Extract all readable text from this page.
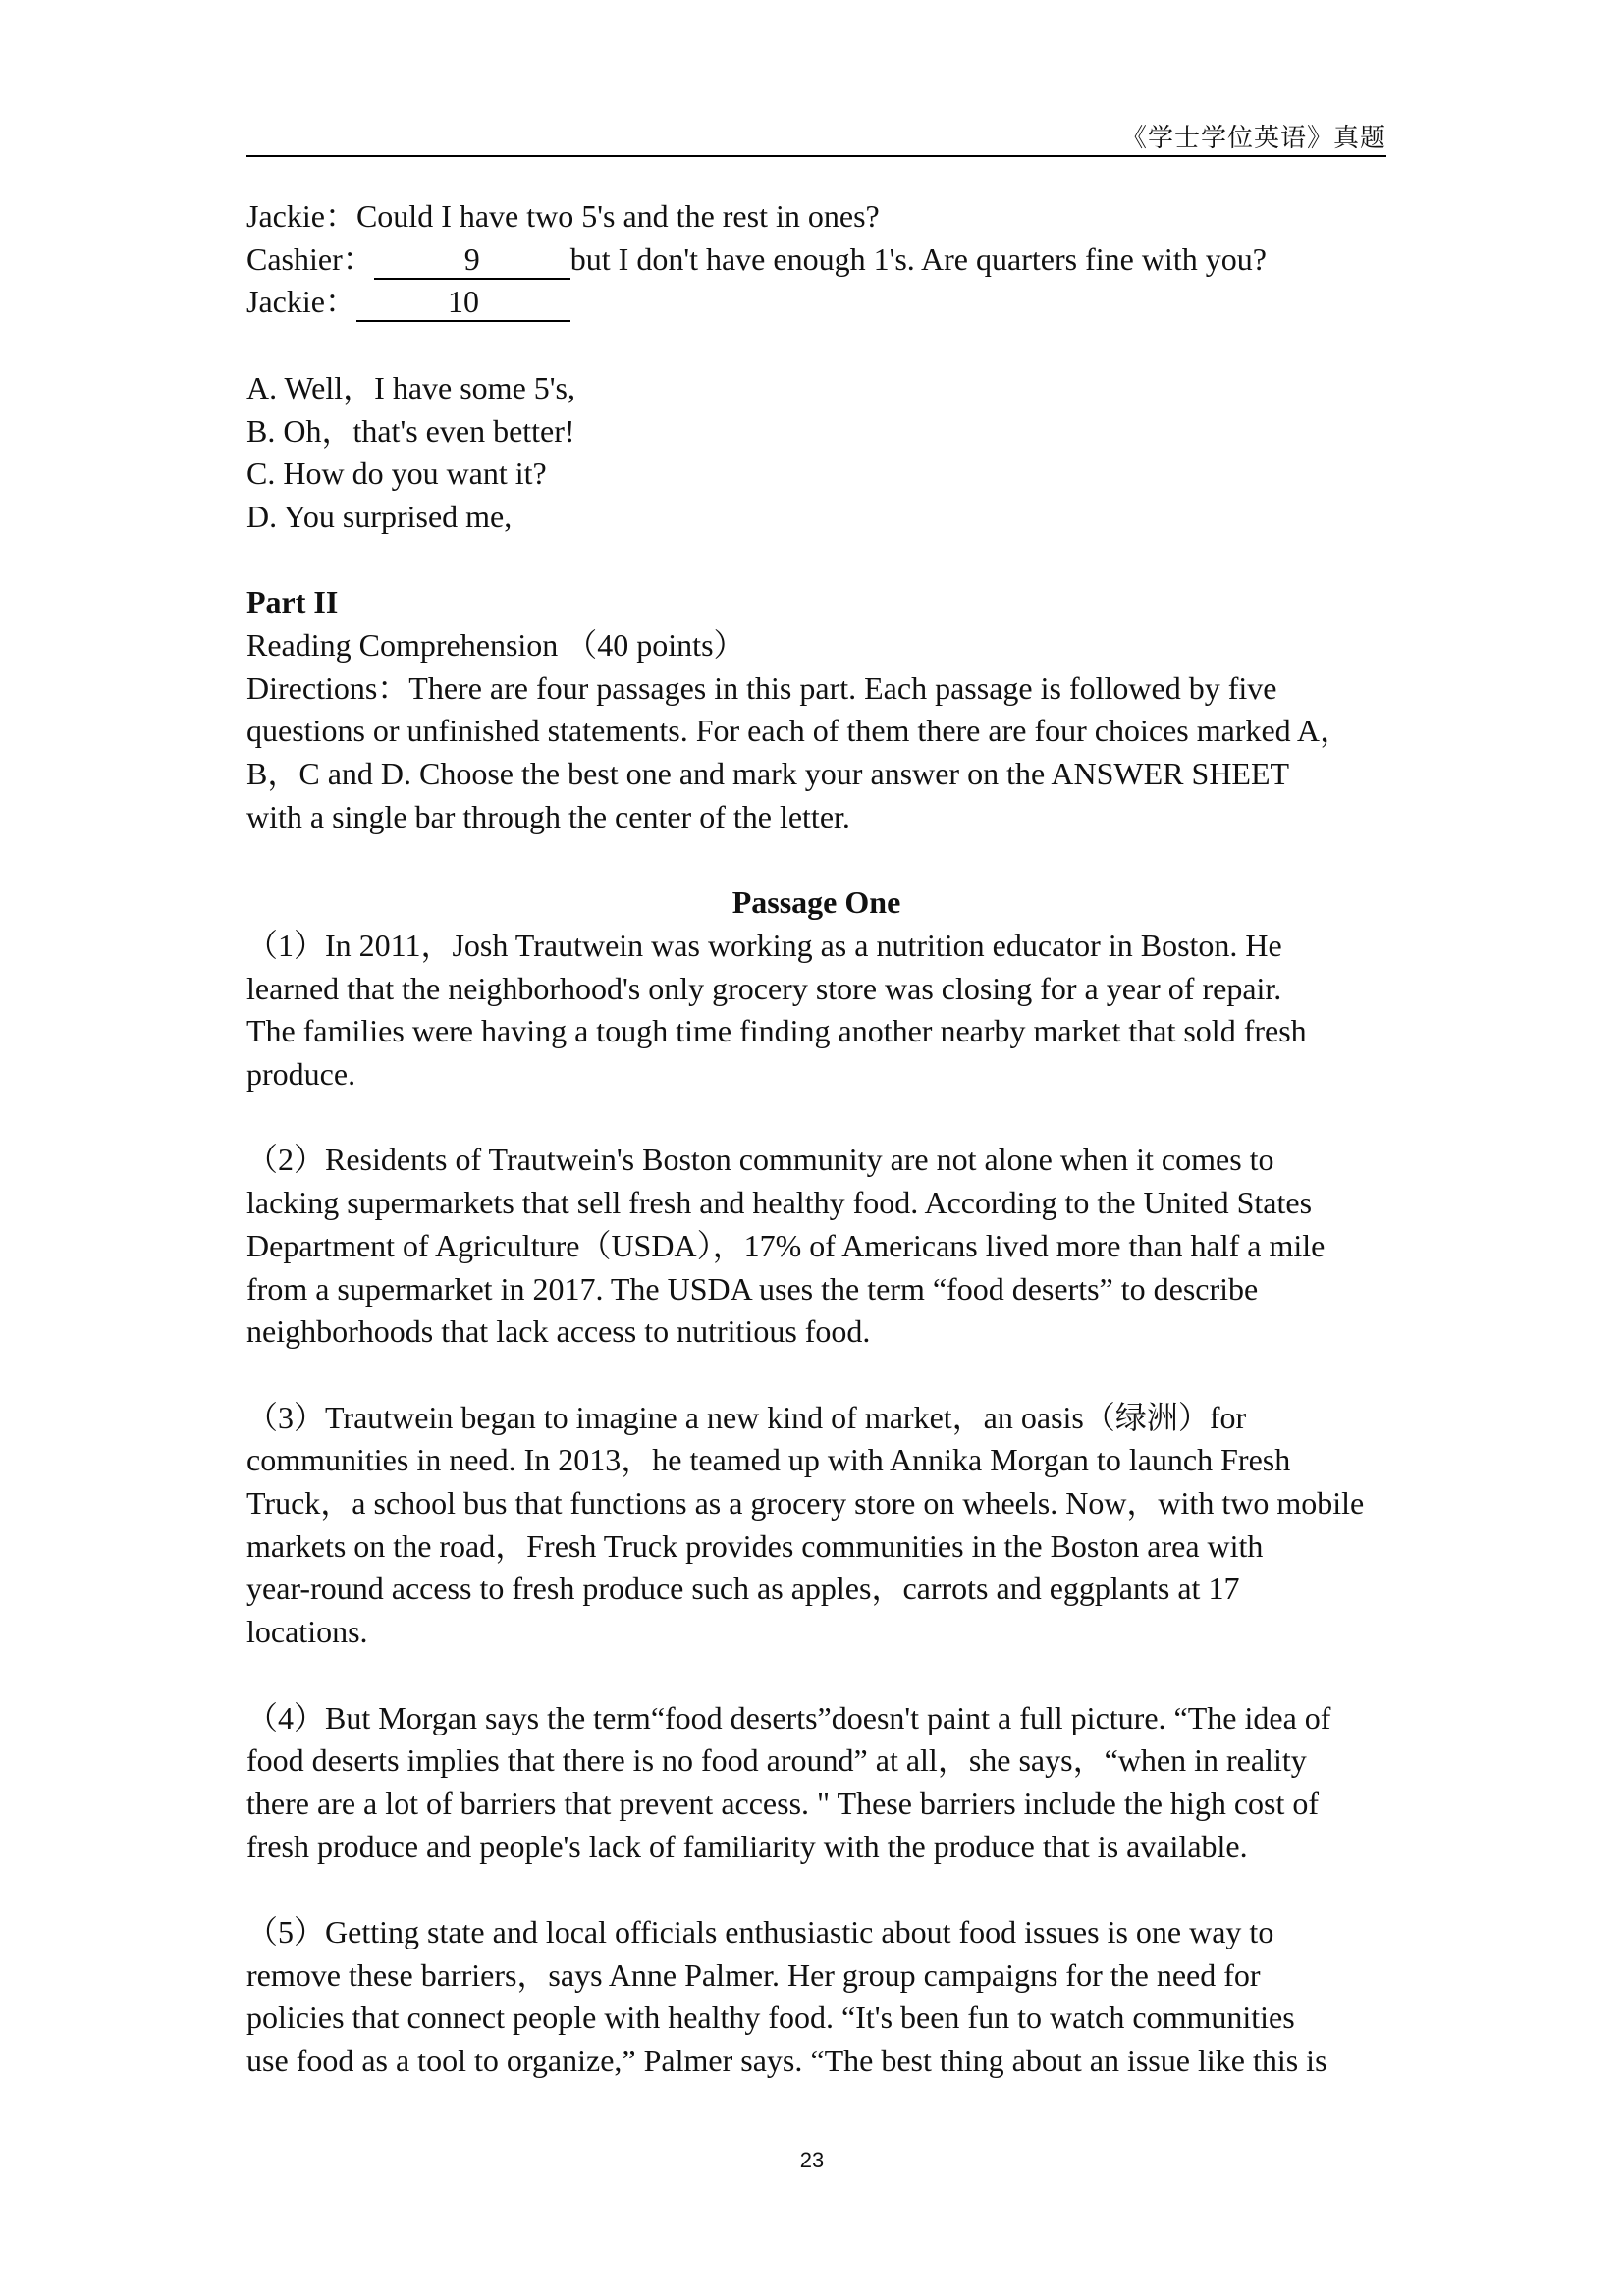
《学士学位英语》真题
Jackie：Could I have two 5's and the rest in ones?
Cashier：	9	but I don't have enough 1's. Are quarters fine with you?
Jackie：	10
A. Well，I have some 5's,
B. Oh，that's even better!
C. How do you want it?
D. You surprised me,
Part II
Reading Comprehension （40 points）
Directions：There are four passages in this part. Each passage is followed by five
questions or unfinished statements. For each of them there are four choices marked A，
B，C and D. Choose the best one and mark your answer on the ANSWER SHEET
with a single bar through the center of the letter.
Passage One
（1）In 2011，Josh Trautwein was working as a nutrition educator in Boston. He
learned that the neighborhood's only grocery store was closing for a year of repair.
The families were having a tough time finding another nearby market that sold fresh
produce.
（2）Residents of Trautwein's Boston community are not alone when it comes to
lacking supermarkets that sell fresh and healthy food. According to the United States
Department of Agriculture（USDA），17% of Americans lived more than half a mile
from a supermarket in 2017. The USDA uses the term “food deserts” to describe
neighborhoods that lack access to nutritious food.
（3）Trautwein began to imagine a new kind of market，an oasis（绿洲）for
communities in need. In 2013，he teamed up with Annika Morgan to launch Fresh
Truck，a school bus that functions as a grocery store on wheels. Now，with two mobile
markets on the road，Fresh Truck provides communities in the Boston area with
year-round access to fresh produce such as apples，carrots and eggplants at 17
locations.
（4）But Morgan says the term“food deserts”doesn't paint a full picture. “The idea of
food deserts implies that there is no food around” at all，she says，“when in reality
there are a lot of barriers that prevent access. " These barriers include the high cost of
fresh produce and people's lack of familiarity with the produce that is available.
（5）Getting state and local officials enthusiastic about food issues is one way to
remove these barriers，says Anne Palmer. Her group campaigns for the need for
policies that connect people with healthy food. “It's been fun to watch communities
use food as a tool to organize,” Palmer says. “The best thing about an issue like this is
23
